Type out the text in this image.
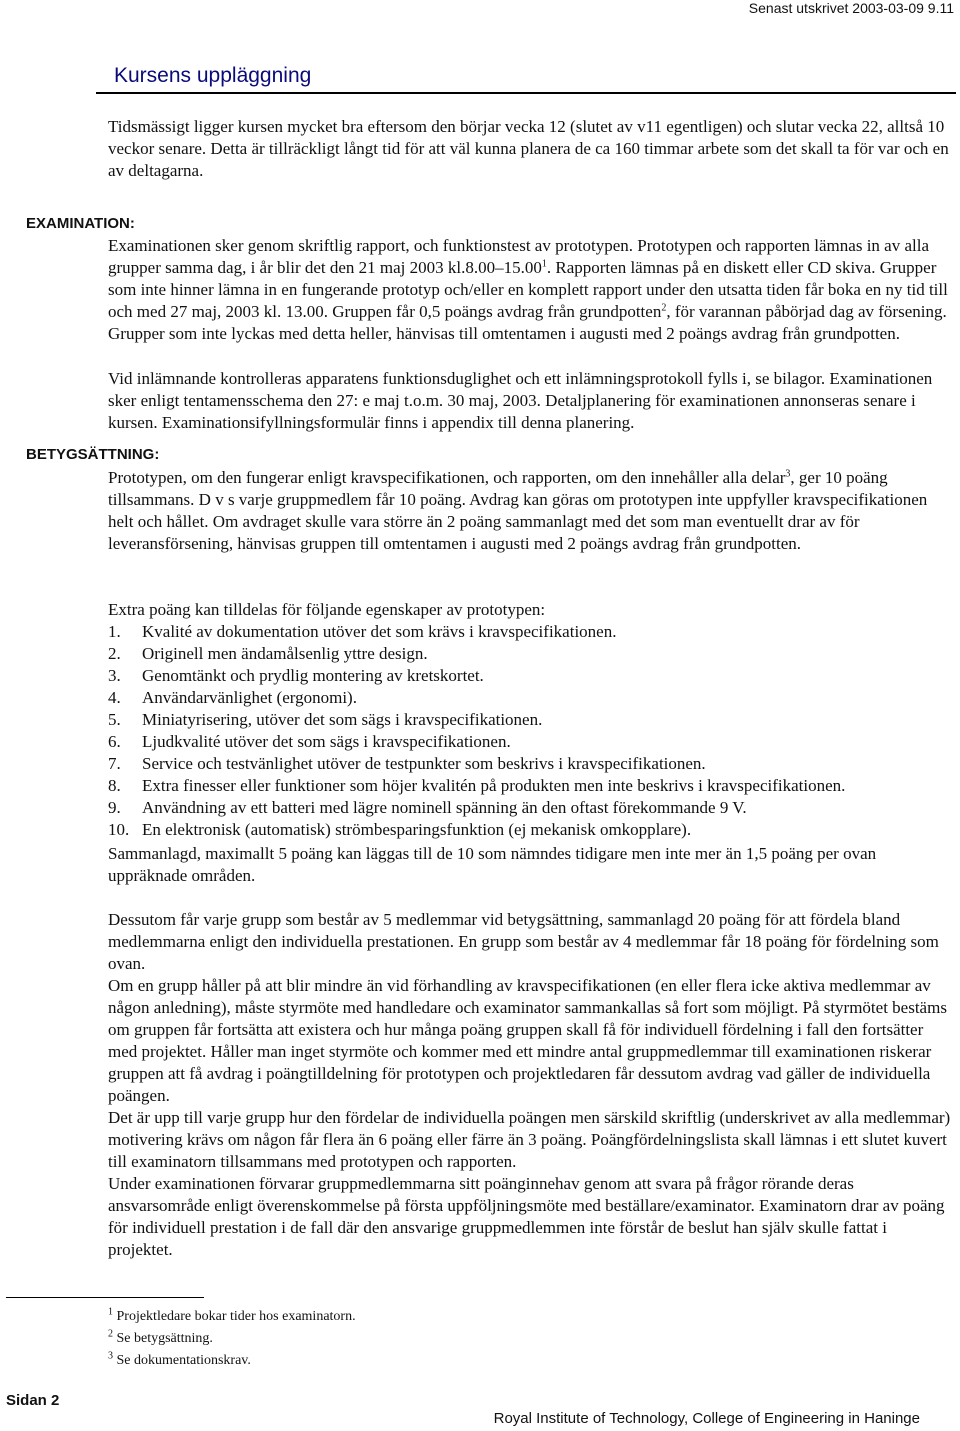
Senast utskrivet 2003-03-09 9.11
Kursens uppläggning
Tidsmässigt ligger kursen mycket bra eftersom den börjar vecka 12 (slutet av v11 egentligen) och slutar vecka 22, alltså 10 veckor senare. Detta är tillräckligt långt tid för att väl kunna planera de ca 160 timmar arbete som det skall ta för var och en av deltagarna.
EXAMINATION:
Examinationen sker genom skriftlig rapport, och funktionstest av prototypen. Prototypen och rapporten lämnas in av alla grupper samma dag, i år blir det den 21 maj 2003 kl.8.00–15.00$^1$. Rapporten lämnas på en diskett eller CD skiva. Grupper som inte hinner lämna in en fungerande prototyp och/eller en komplett rapport under den utsatta tiden får boka en ny tid till och med 27 maj, 2003 kl. 13.00. Gruppen får 0,5 poängs avdrag från grundpotten$^2$, för varannan påbörjad dag av försening. Grupper som inte lyckas med detta heller, hänvisas till omtentamen i augusti med 2 poängs avdrag från grundpotten.
Vid inlämnande kontrolleras apparatens funktionsduglighet och ett inlämningsprotokoll fylls i, se bilagor. Examinationen sker enligt tentamensschema den 27: e maj t.o.m. 30 maj, 2003. Detaljplanering för examinationen annonseras senare i kursen. Examinationsifyllningsformulär finns i appendix till denna planering.
BETYGSÄTTNING:
Prototypen, om den fungerar enligt kravspecifikationen, och rapporten, om den innehåller alla delar$^3$, ger 10 poäng tillsammans. D v s varje gruppmedlem får 10 poäng. Avdrag kan göras om prototypen inte uppfyller kravspecifikationen helt och hållet. Om avdraget skulle vara större än 2 poäng sammanlagt med det som man eventuellt drar av för leveransförsening, hänvisas gruppen till omtentamen i augusti med 2 poängs avdrag från grundpotten.
Extra poäng kan tilldelas för följande egenskaper av prototypen:
1.	Kvalité av dokumentation utöver det som krävs i kravspecifikationen.
2.	Originell men ändamålsenlig yttre design.
3.	Genomtänkt och prydlig montering av kretskortet.
4.	Användarvänlighet (ergonomi).
5.	Miniatyrisering, utöver det som sägs i kravspecifikationen.
6.	Ljudkvalité utöver det som sägs i kravspecifikationen.
7.	Service och testvänlighet utöver de testpunkter som beskrivs i kravspecifikationen.
8.	Extra finesser eller funktioner som höjer kvalitén på produkten men inte beskrivs i kravspecifikationen.
9.	Användning av ett batteri med lägre nominell spänning än den oftast förekommande 9 V.
10. En elektronisk (automatisk) strömbesparingsfunktion (ej mekanisk omkopplare).
Sammanlagd, maximallt 5 poäng kan läggas till de 10 som nämndes tidigare men inte mer än 1,5 poäng per ovan uppräknade områden.
Dessutom får varje grupp som består av 5 medlemmar vid betygsättning, sammanlagd 20 poäng för att fördela bland medlemmarna enligt den individuella prestationen. En grupp som består av 4 medlemmar får 18 poäng för fördelning som ovan.
Om en grupp håller på att blir mindre än vid förhandling av kravspecifikationen (en eller flera icke aktiva medlemmar av någon anledning), måste styrmöte med handledare och examinator sammankallas så fort som möjligt. På styrmötet bestäms om gruppen får fortsätta att existera och hur många poäng gruppen skall få för individuell fördelning i fall den fortsätter med projektet. Håller man inget styrmöte och kommer med ett mindre antal gruppmedlemmar till examinationen riskerar gruppen att få avdrag i poängtilldelning för prototypen och projektledaren får dessutom avdrag vad gäller de individuella poängen.
Det är upp till varje grupp hur den fördelar de individuella poängen men särskild skriftlig (underskrivet av alla medlemmar) motivering krävs om någon får flera än 6 poäng eller färre än 3 poäng. Poängfördelningslista skall lämnas i ett slutet kuvert till examinatorn tillsammans med prototypen och rapporten.
Under examinationen förvarar gruppmedlemmarna sitt poänginnehav genom att svara på frågor rörande deras ansvarsområde enligt överenskommelse på första uppföljningsmöte med beställare/examinator. Examinatorn drar av poäng för individuell prestation i de fall där den ansvarige gruppmedlemmen inte förstår de beslut han själv skulle fattat i projektet.
$^1$ Projektledare bokar tider hos examinatorn.
$^2$ Se betygsättning.
$^3$ Se dokumentationskrav.
Sidan 2
Royal Institute of Technology, College of Engineering in Haninge
